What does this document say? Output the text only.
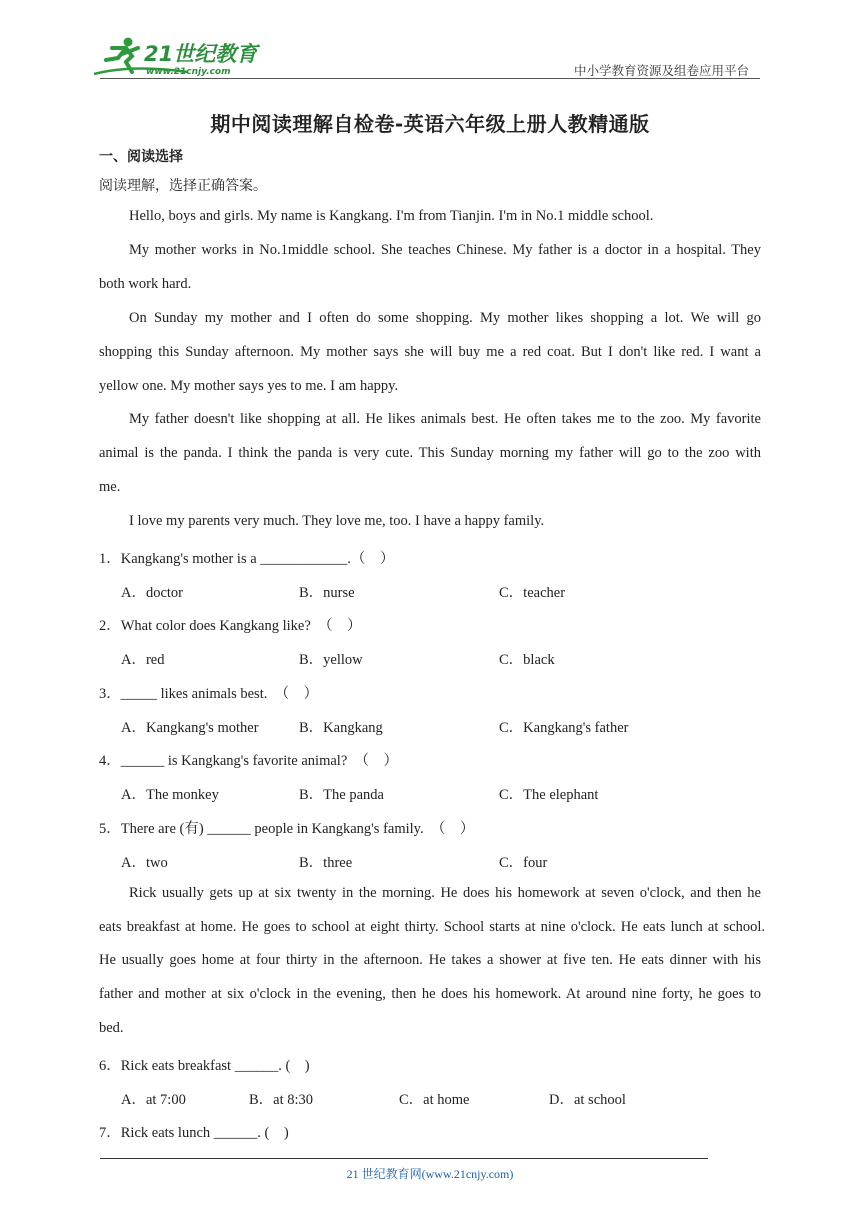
21世纪教育
www.21cnjy.com	中小学教育资源及组卷应用平台
期中阅读理解自检卷-英语六年级上册人教精通版
一、阅读选择
阅读理解，选择正确答案。
Hello, boys and girls. My name is Kangkang. I'm from Tianjin. I'm in No.1 middle school.
My mother works in No.1middle school. She teaches Chinese. My father is a doctor in a hospital. They
both work hard.
On Sunday my mother and I often do some shopping. My mother likes shopping a lot. We will go
shopping this Sunday afternoon. My mother says she will buy me a red coat. But I don't like red. I want a
yellow one. My mother says yes to me. I am happy.
My father doesn't like shopping at all. He likes animals best. He often takes me to the zoo. My favorite
animal is the panda. I think the panda is very cute. This Sunday morning my father will go to the zoo with
me.
I love my parents very much. They love me, too. I have a happy family.
1．Kangkang's mother is a ____________.（　）
A．doctor	B．nurse	C．teacher
2．What color does Kangkang like?　（　）
A．red	B．yellow	C．black
3．_____ likes animals best.　（　）
A．Kangkang's mother	B．Kangkang	C．Kangkang's father
4．______ is Kangkang's favorite animal?　（　）
A．The monkey	B．The panda	C．The elephant
5．There are (有) ______ people in Kangkang's family.　（　）
A．two	B．three	C．four
Rick usually gets up at six twenty in the morning. He does his homework at seven o'clock, and then he
eats breakfast at home. He goes to school at eight thirty. School starts at nine o'clock. He eats lunch at school.
He usually goes home at four thirty in the afternoon. He takes a shower at five ten. He eats dinner with his
father and mother at six o'clock in the evening, then he does his homework. At around nine forty, he goes to
bed.
6．Rick eats breakfast ______. (　)
A．at 7:00	B．at 8:30	C．at home	D．at school
7．Rick eats lunch ______. (　)
21 世纪教育网(www.21cnjy.com)
